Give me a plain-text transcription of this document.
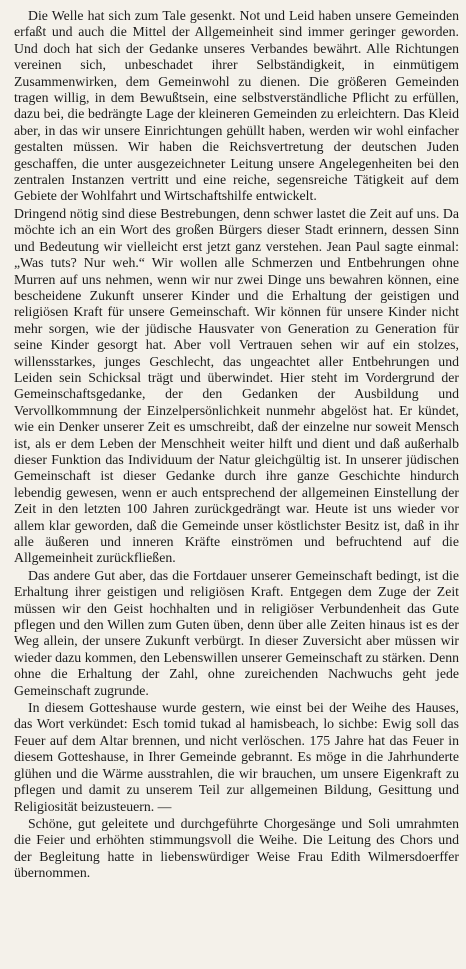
Die Welle hat sich zum Tale gesenkt. Not und Leid haben unsere Gemeinden erfaßt und auch die Mittel der Allgemeinheit sind immer geringer geworden. Und doch hat sich der Gedanke unseres Verbandes bewährt. Alle Richtungen vereinen sich, unbeschadet ihrer Selbständigkeit, in einmütigem Zusammenwirken, dem Gemeinwohl zu dienen. Die größeren Gemeinden tragen willig, in dem Bewußtsein, eine selbstverständliche Pflicht zu erfüllen, dazu bei, die bedrängte Lage der kleineren Gemeinden zu erleichtern. Das Kleid aber, in das wir unsere Einrichtungen gehüllt haben, werden wir wohl einfacher gestalten müssen. Wir haben die Reichsvertretung der deutschen Juden geschaffen, die unter ausgezeichneter Leitung unsere Angelegenheiten bei den zentralen Instanzen vertritt und eine reiche, segensreiche Tätigkeit auf dem Gebiete der Wohlfahrt und Wirtschaftshilfe entwickelt.

Dringend nötig sind diese Bestrebungen, denn schwer lastet die Zeit auf uns. Da möchte ich an ein Wort des großen Bürgers dieser Stadt erinnern, dessen Sinn und Bedeutung wir vielleicht erst jetzt ganz verstehen. Jean Paul sagte einmal: „Was tuts? Nur weh.“ Wir wollen alle Schmerzen und Entbehrungen ohne Murren auf uns nehmen, wenn wir nur zwei Dinge uns bewahren können, eine bescheidene Zukunft unserer Kinder und die Erhaltung der geistigen und religiösen Kraft für unsere Gemeinschaft. Wir können für unsere Kinder nicht mehr sorgen, wie der jüdische Hausvater von Generation zu Generation für seine Kinder gesorgt hat. Aber voll Vertrauen sehen wir auf ein stolzes, willensstarkes, junges Geschlecht, das ungeachtet aller Entbehrungen und Leiden sein Schicksal trägt und überwindet. Hier steht im Vordergrund der Gemeinschaftsgedanke, der den Gedanken der Ausbildung und Vervollkommnung der Einzelpersönlichkeit nunmehr abgelöst hat. Er kündet, wie ein Denker unserer Zeit es umschreibt, daß der einzelne nur soweit Mensch ist, als er dem Leben der Menschheit weiter hilft und dient und daß außerhalb dieser Funktion das Individuum der Natur gleichgültig ist. In unserer jüdischen Gemeinschaft ist dieser Gedanke durch ihre ganze Geschichte hindurch lebendig gewesen, wenn er auch entsprechend der allgemeinen Einstellung der Zeit in den letzten 100 Jahren zurückgedrängt war. Heute ist uns wieder vor allem klar geworden, daß die Gemeinde unser köstlichster Besitz ist, daß in ihr alle äußeren und inneren Kräfte einströmen und befruchtend auf die Allgemeinheit zurückfließen.

Das andere Gut aber, das die Fortdauer unserer Gemeinschaft bedingt, ist die Erhaltung ihrer geistigen und religiösen Kraft. Entgegen dem Zuge der Zeit müssen wir den Geist hochhalten und in religiöser Verbundenheit das Gute pflegen und den Willen zum Guten üben, denn über alle Zeiten hinaus ist es der Weg allein, der unsere Zukunft verbürgt. In dieser Zuversicht aber müssen wir wieder dazu kommen, den Lebenswillen unserer Gemeinschaft zu stärken. Denn ohne die Erhaltung der Zahl, ohne zureichenden Nachwuchs geht jede Gemeinschaft zugrunde.

In diesem Gotteshause wurde gestern, wie einst bei der Weihe des Hauses, das Wort verkündet: Esch tomid tukad al hamisbeach, lo sichbe: Ewig soll das Feuer auf dem Altar brennen, und nicht verlöschen. 175 Jahre hat das Feuer in diesem Gotteshause, in Ihrer Gemeinde gebrannt. Es möge in die Jahrhunderte glühen und die Wärme ausstrahlen, die wir brauchen, um unsere Eigenkraft zu pflegen und damit zu unserem Teil zur allgemeinen Bildung, Gesittung und Religiosität beizusteuern. —

Schöne, gut geleitete und durchgeführte Chorgesänge und Soli umrahmten die Feier und erhöhten stimmungsvoll die Weihe. Die Leitung des Chors und der Begleitung hatte in liebenswürdiger Weise Frau Edith Wilmersdoerffer übernommen.
